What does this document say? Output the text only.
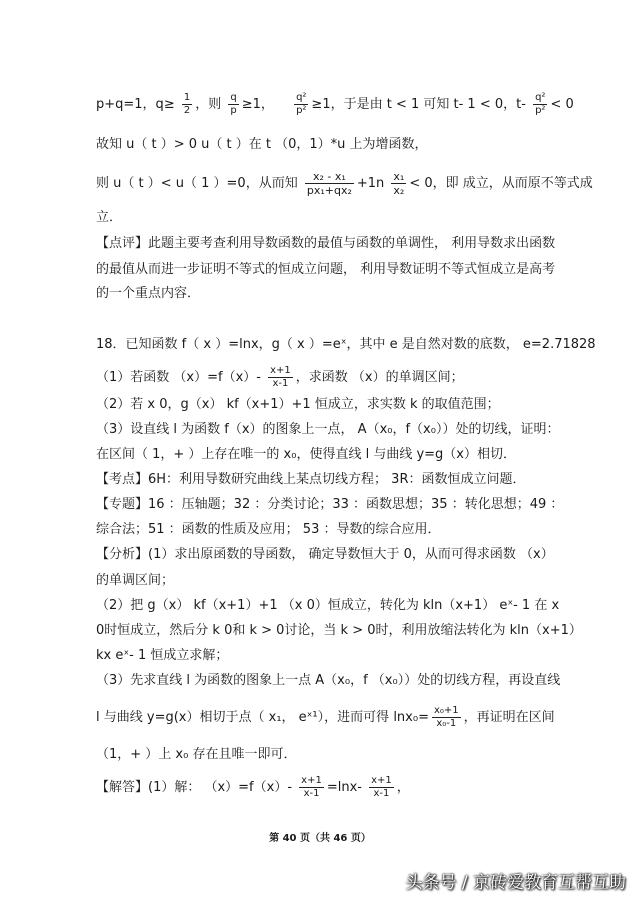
p+q=1，$q\ge \frac{1}{2}$ ，则 $\frac{q}{p} \ge 1$， $\frac{\text{q²}}{\text{p²}} \ge 1$，于是由 t < 1 可知 t- 1 < 0，$t- \frac{\text{q²}}{\text{p²}} < 0$
故知 u（ t ）> 0 u（ t ）在 t （0，1）*u 上为增函数，
则 u（ t ）< u（ 1 ）=0，从而知 $\frac{\text{x₂ - x₁}}{\text{px₁+qx₂}} +1n \frac{\text{x₁}}{\text{x₂}} < 0$，即 成立，从而原不等式成
立．
【点评】此题主要考查利用导数函数的最值与函数的单调性， 利用导数求出函数
的最值从而进一步证明不等式的恒成立问题， 利用导数证明不等式恒成立是高考
的一个重点内容．
18．已知函数 f（ x ）=lnx，g（ x ）=eˣ，其中 e 是自然对数的底数， e=2.71828
（1）若函数 $(x)=f(x)- \frac{x+1}{x-1}$ ，求函数 （x）的单调区间；
（2）若 x 0，g（x） kf（x+1）+1 恒成立，求实数 k 的取值范围；
（3）设直线 l 为函数 f（x）的图象上一点， A（x₀，f（x₀））处的切线，证明：
在区间（ 1，+ ）上存在唯一的 x₀，使得直线 l 与曲线 y=g（x）相切．
【考点】6H：利用导数研究曲线上某点切线方程； 3R：函数恒成立问题．
【专题】16 ：压轴题；32 ：分类讨论；33 ：函数思想；35 ：转化思想；49 ：
综合法；51 ：函数的性质及应用； 53 ：导数的综合应用．
【分析】(1）求出原函数的导函数， 确定导数恒大于 0，从而可得求函数 （x）
的单调区间；
（2）把 g（x） kf（x+1）+1 （x 0）恒成立，转化为 kln（x+1） eˣ- 1 在 x
0时恒成立，然后分 k 0和 k > 0讨论，当 k > 0时，利用放缩法转化为 kln（x+1）
kx eˣ- 1 恒成立求解；
（3）先求直线 l 为函数的图象上一点 A（x₀，f （x₀））处的切线方程，再设直线
l 与曲线 y=g(x）相切于点（ x₁， eˣ¹），进而可得 $\ln x_0= \frac{\text{x₀+1}}{\text{x₀-1}}$ ，再证明在区间
（1，+ ）上 x₀ 存在且唯一即可．
【解答】(1）解： $(x)=f(x)- \frac{x+1}{x-1} =\ln x- \frac{x+1}{x-1}$ ，
第 40 页（共 46 页）
头条号 / 京砖爱教育互帮互助
